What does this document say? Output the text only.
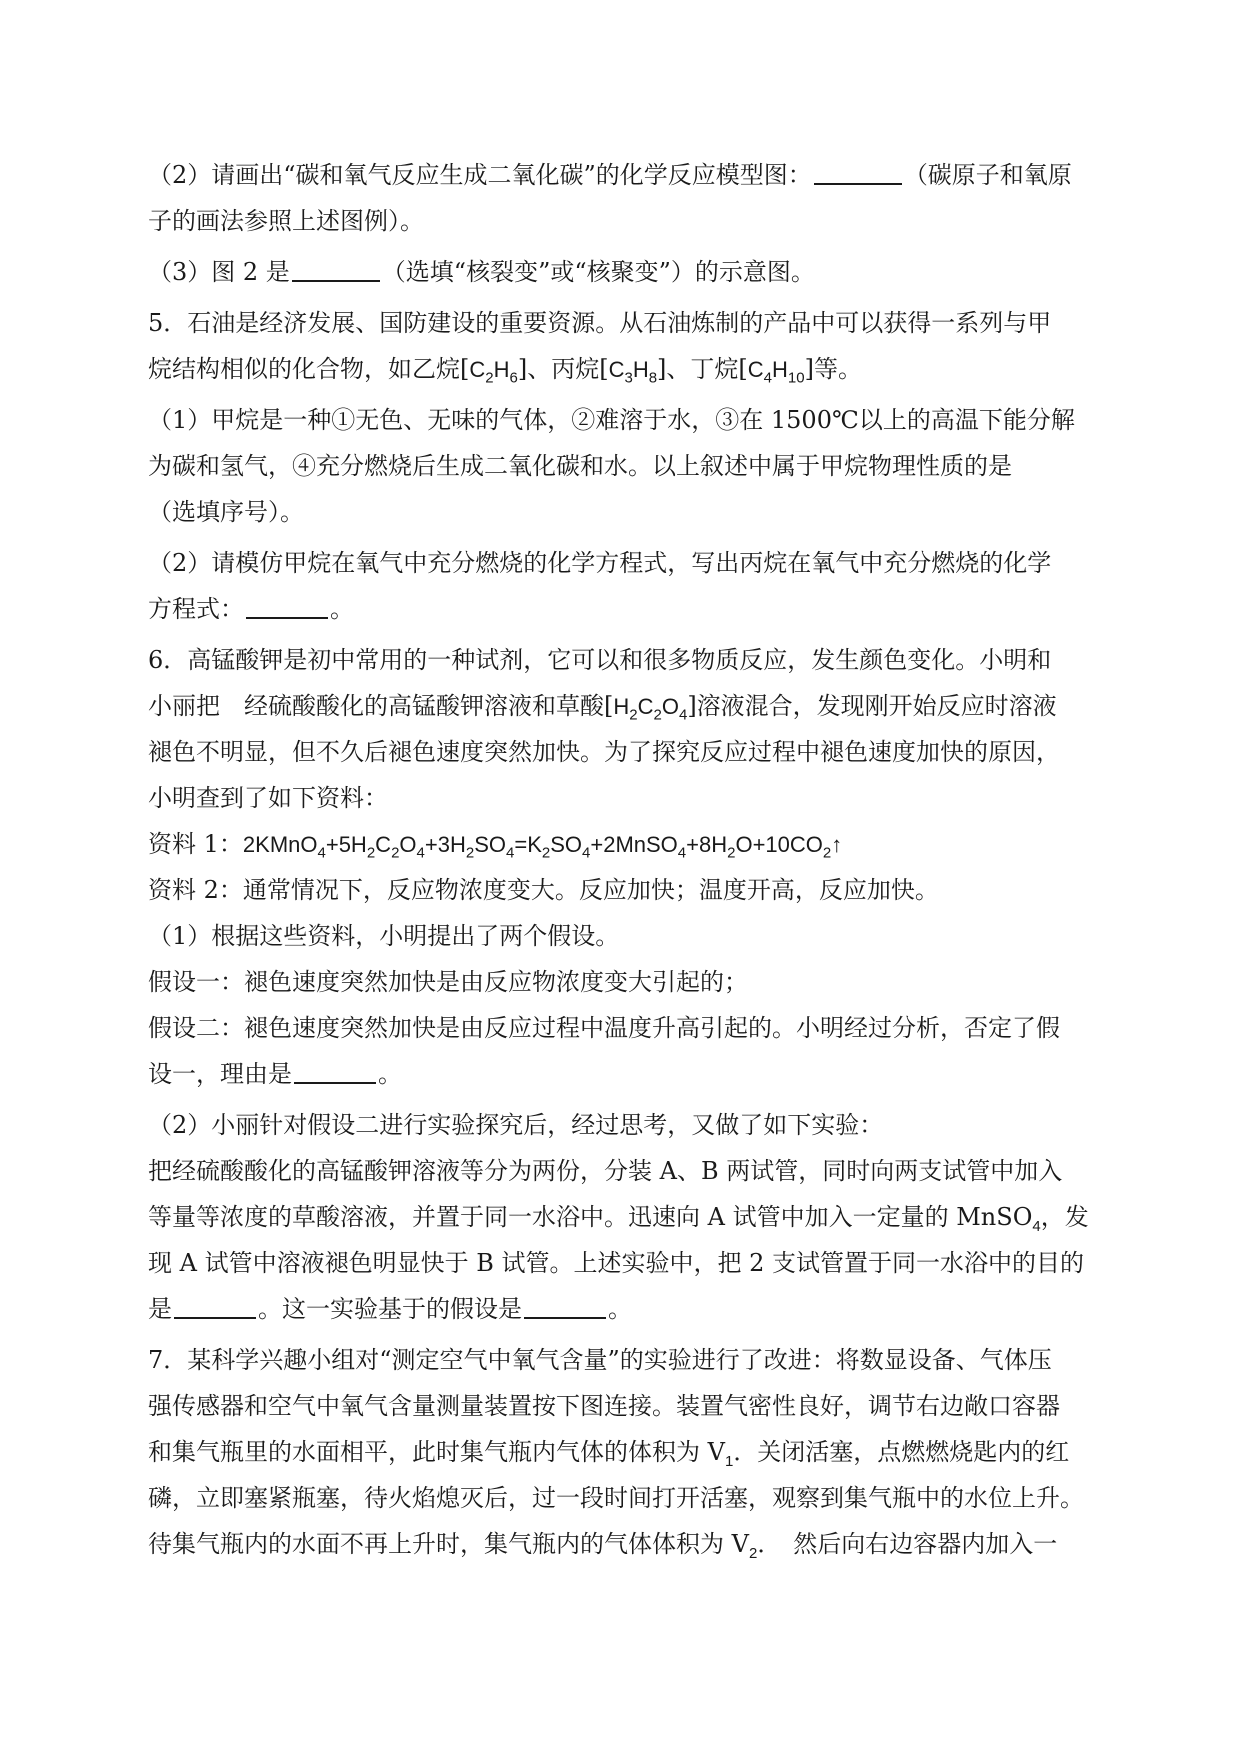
（2）请画出“碳和氧气反应生成二氧化碳”的化学反应模型图：	（碳原子和氧原
子的画法参照上述图例）。
（3）图 2 是	（选填“核裂变”或“核聚变”）的示意图。
5．石油是经济发展、国防建设的重要资源。从石油炼制的产品中可以获得一系列与甲
烷结构相似的化合物，如乙烷$[C_2H_6]$、丙烷$[C_3H_8]$、丁烷$[C_4H_{10}]$等。
（1）甲烷是一种①无色、无味的气体，②难溶于水，③在 1500℃以上的高温下能分解
为碳和氢气，④充分燃烧后生成二氧化碳和水。以上叙述中属于甲烷物理性质的是
（选填序号）。
（2）请模仿甲烷在氧气中充分燃烧的化学方程式，写出丙烷在氧气中充分燃烧的化学
方程式：	。
6．高锰酸钾是初中常用的一种试剂，它可以和很多物质反应，发生颜色变化。小明和
小丽把　经硫酸酸化的高锰酸钾溶液和草酸$[H_2C_2O_4]$溶液混合，发现刚开始反应时溶液
褪色不明显，但不久后褪色速度突然加快。为了探究反应过程中褪色速度加快的原因，
小明查到了如下资料：
资料 1：$2KMnO_4+5H_2C_2O_4+3H_2SO_4=K_2SO_4+2MnSO_4+8H_2O+10CO_2↑$
资料 2：通常情况下，反应物浓度变大。反应加快；温度开高，反应加快。
（1）根据这些资料，小明提出了两个假设。
假设一：褪色速度突然加快是由反应物浓度变大引起的；
假设二：褪色速度突然加快是由反应过程中温度升高引起的。小明经过分析，否定了假
设一，理由是	。
（2）小丽针对假设二进行实验探究后，经过思考，又做了如下实验：
把经硫酸酸化的高锰酸钾溶液等分为两份，分装 A、B 两试管，同时向两支试管中加入
等量等浓度的草酸溶液，并置于同一水浴中。迅速向 A 试管中加入一定量的 MnSO$_4$，发
现 A 试管中溶液褪色明显快于 B 试管。上述实验中，把 2 支试管置于同一水浴中的目的
是	。这一实验基于的假设是	。
7．某科学兴趣小组对“测定空气中氧气含量”的实验进行了改进：将数显设备、气体压
强传感器和空气中氧气含量测量装置按下图连接。装置气密性良好，调节右边敞口容器
和集气瓶里的水面相平，此时集气瓶内气体的体积为 $V_1$．关闭活塞，点燃燃烧匙内的红
磷，立即塞紧瓶塞，待火焰熄灭后，过一段时间打开活塞，观察到集气瓶中的水位上升。
待集气瓶内的水面不再上升时，集气瓶内的气体体积为 $V_2$．　然后向右边容器内加入一
